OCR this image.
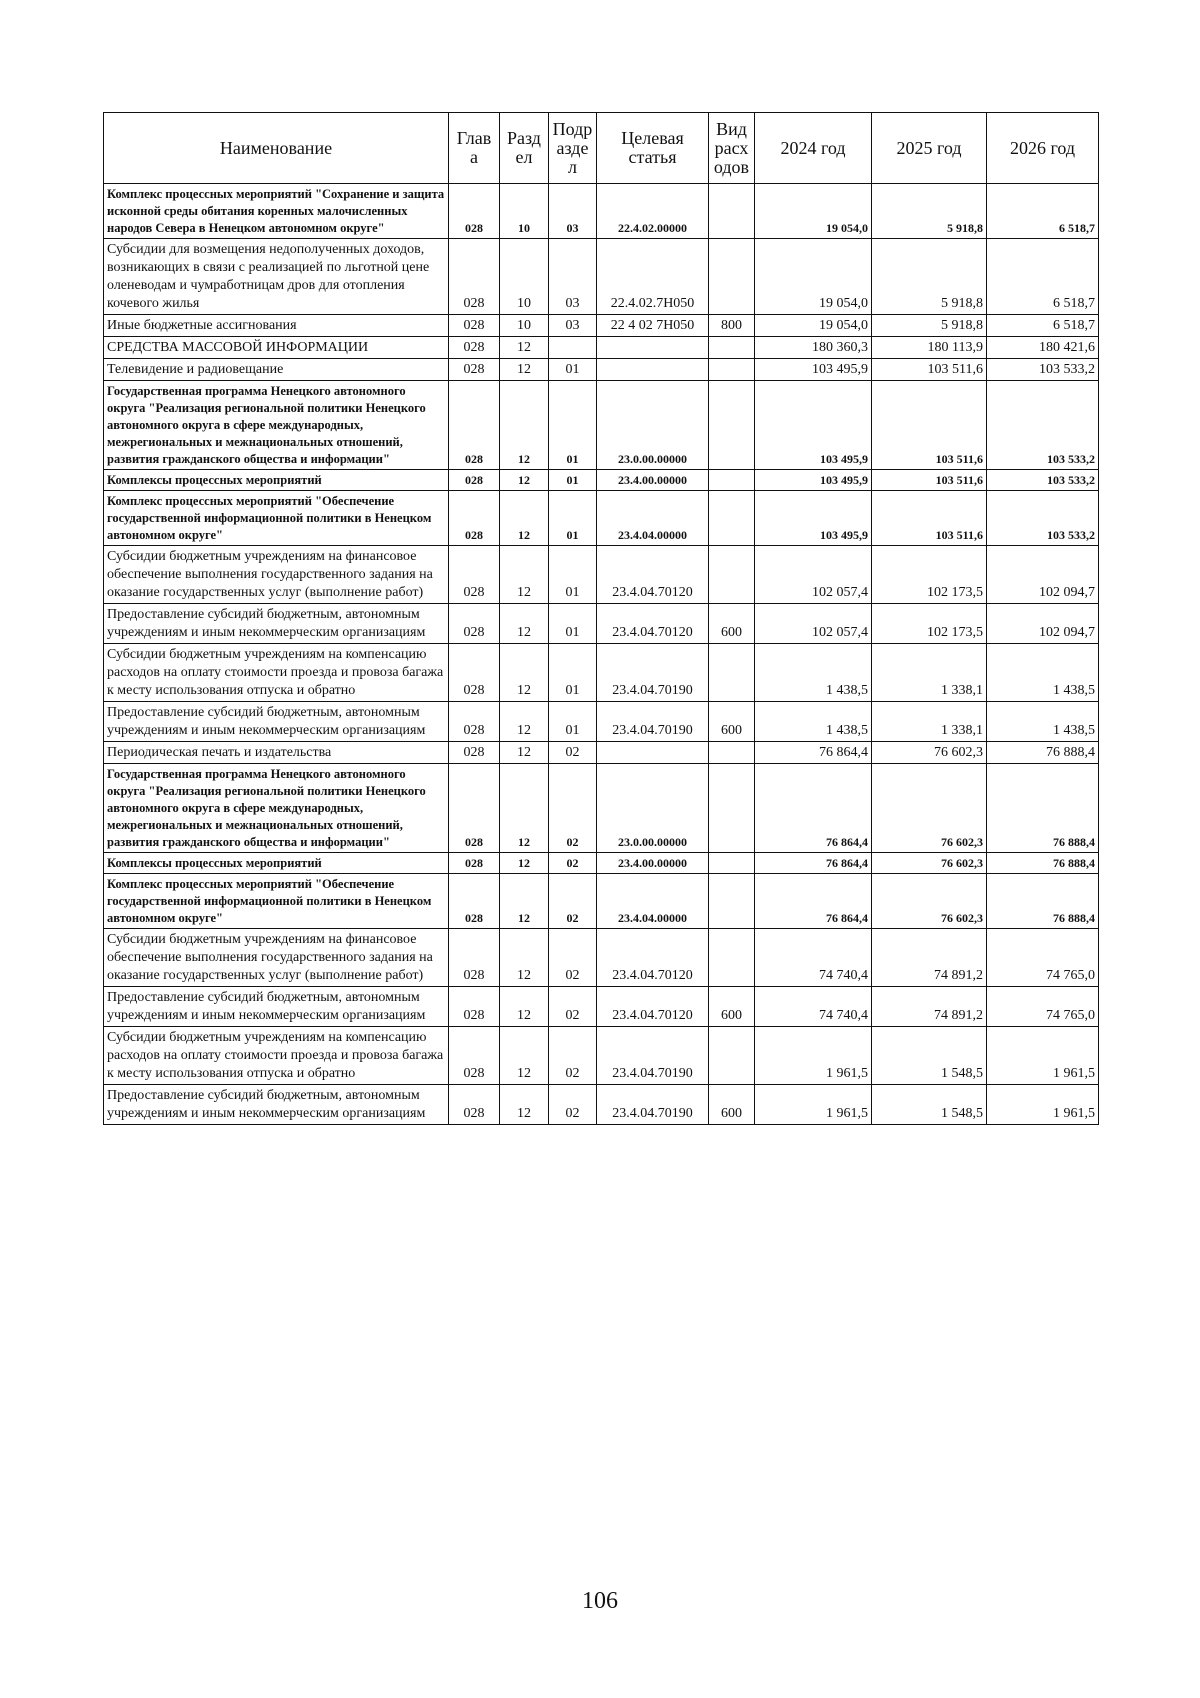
Наименование	Глав а	Разд ел	Подр азде л	Целевая статья	Вид расх одов	2024 год	2025 год	2026 год
Комплекс процессных мероприятий "Сохранение и защита исконной среды обитания коренных малочисленных народов Севера в Ненецком автономном округе"	028	10	03	22.4.02.00000		19 054,0	5 918,8	6 518,7
Субсидии для возмещения недополученных доходов, возникающих в связи с реализацией по льготной цене оленеводам и чумработницам дров для отопления кочевого жилья	028	10	03	22.4.02.7Н050		19 054,0	5 918,8	6 518,7
Иные бюджетные ассигнования	028	10	03	22 4 02 7Н050	800	19 054,0	5 918,8	6 518,7
СРЕДСТВА МАССОВОЙ ИНФОРМАЦИИ	028	12				180 360,3	180 113,9	180 421,6
Телевидение и радиовещание	028	12	01			103 495,9	103 511,6	103 533,2
Государственная программа Ненецкого автономного округа "Реализация региональной политики Ненецкого автономного округа в сфере международных, межрегиональных и межнациональных отношений, развития гражданского общества и информации"	028	12	01	23.0.00.00000		103 495,9	103 511,6	103 533,2
Комплексы процессных мероприятий	028	12	01	23.4.00.00000		103 495,9	103 511,6	103 533,2
Комплекс процессных мероприятий "Обеспечение государственной информационной политики в Ненецком автономном округе"	028	12	01	23.4.04.00000		103 495,9	103 511,6	103 533,2
Субсидии бюджетным учреждениям на финансовое обеспечение выполнения государственного задания на оказание государственных услуг (выполнение работ)	028	12	01	23.4.04.70120		102 057,4	102 173,5	102 094,7
Предоставление субсидий бюджетным, автономным учреждениям и иным некоммерческим организациям	028	12	01	23.4.04.70120	600	102 057,4	102 173,5	102 094,7
Субсидии бюджетным учреждениям на компенсацию расходов на оплату стоимости проезда и провоза багажа к месту использования отпуска и обратно	028	12	01	23.4.04.70190		1 438,5	1 338,1	1 438,5
Предоставление субсидий бюджетным, автономным учреждениям и иным некоммерческим организациям	028	12	01	23.4.04.70190	600	1 438,5	1 338,1	1 438,5
Периодическая печать и издательства	028	12	02			76 864,4	76 602,3	76 888,4
Государственная программа Ненецкого автономного округа "Реализация региональной политики Ненецкого автономного округа в сфере международных, межрегиональных и межнациональных отношений, развития гражданского общества и информации"	028	12	02	23.0.00.00000		76 864,4	76 602,3	76 888,4
Комплексы процессных мероприятий	028	12	02	23.4.00.00000		76 864,4	76 602,3	76 888,4
Комплекс процессных мероприятий "Обеспечение государственной информационной политики в Ненецком автономном округе"	028	12	02	23.4.04.00000		76 864,4	76 602,3	76 888,4
Субсидии бюджетным учреждениям на финансовое обеспечение выполнения государственного задания на оказание государственных услуг (выполнение работ)	028	12	02	23.4.04.70120		74 740,4	74 891,2	74 765,0
Предоставление субсидий бюджетным, автономным учреждениям и иным некоммерческим организациям	028	12	02	23.4.04.70120	600	74 740,4	74 891,2	74 765,0
Субсидии бюджетным учреждениям на компенсацию расходов на оплату стоимости проезда и провоза багажа к месту использования отпуска и обратно	028	12	02	23.4.04.70190		1 961,5	1 548,5	1 961,5
Предоставление субсидий бюджетным, автономным учреждениям и иным некоммерческим организациям	028	12	02	23.4.04.70190	600	1 961,5	1 548,5	1 961,5
106
